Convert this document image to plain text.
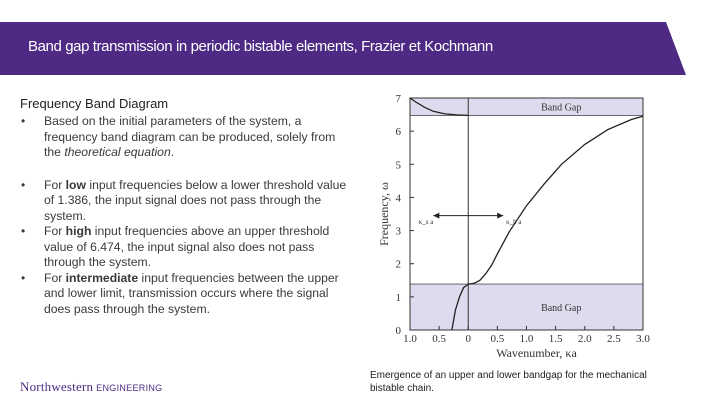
Band gap transmission in periodic bistable elements, Frazier et Kochmann
Frequency Band Diagram
• Based on the initial parameters of the system, a frequency band diagram can be produced, solely from the theoretical equation.
• For low input frequencies below a lower threshold value of 1.386, the input signal does not pass through the system.
• For high input frequencies above an upper threshold value of 6.474, the input signal also does not pass through the system.
• For intermediate input frequencies between the upper and lower limit, transmission occurs where the signal does pass through the system.
Band Gap
Band Gap
0
1
2
3
4
5
6
7
1.0 0.5 0 0.5 1.0 1.5 2.0 2.5 3.0
Wavenumber, κa
Frequency, ω	κ_s a	κ_b a
Emergence of an upper and lower bandgap for the mechanical bistable chain.
Northwestern ENGINEERING
